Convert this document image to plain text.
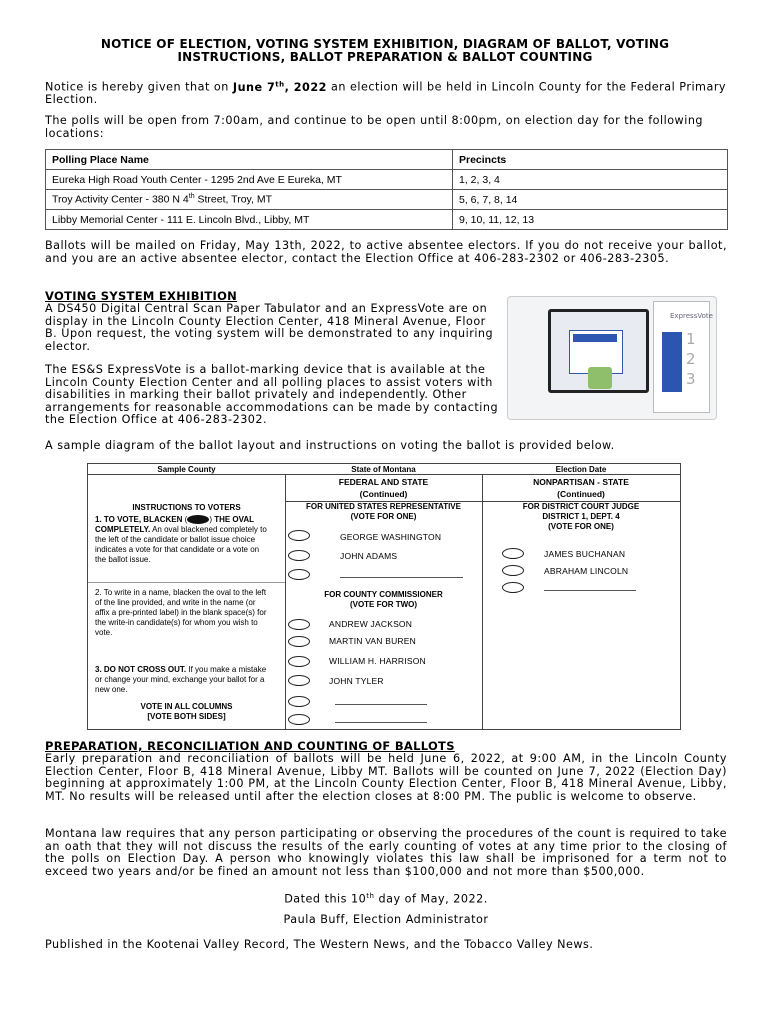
NOTICE OF ELECTION, VOTING SYSTEM EXHIBITION, DIAGRAM OF BALLOT, VOTING
INSTRUCTIONS, BALLOT PREPARATION & BALLOT COUNTING
Notice is hereby given that on June 7th, 2022 an election will be held in Lincoln County for the Federal Primary Election.
The polls will be open from 7:00am, and continue to be open until 8:00pm, on election day for the following locations:
Polling Place Name	Precincts
Eureka High Road Youth Center - 1295 2nd Ave E Eureka, MT	1, 2, 3, 4
Troy Activity Center - 380 N 4th Street, Troy, MT	5, 6, 7, 8, 14
Libby Memorial Center - 111 E. Lincoln Blvd., Libby, MT	9, 10, 11, 12, 13
Ballots will be mailed on Friday, May 13th, 2022, to active absentee electors. If you do not receive your ballot, and you are an active absentee elector, contact the Election Office at 406-283-2302 or 406-283-2305.
VOTING SYSTEM EXHIBITION
A DS450 Digital Central Scan Paper Tabulator and an ExpressVote are on display in the Lincoln County Election Center, 418 Mineral Avenue, Floor B. Upon request, the voting system will be demonstrated to any inquiring elector.
The ES&S ExpressVote is a ballot-marking device that is available at the Lincoln County Election Center and all polling places to assist voters with disabilities in marking their ballot privately and independently. Other arrangements for reasonable accommodations can be made by contacting the Election Office at 406-283-2302.
ExpressVote
1
2
3
A sample diagram of the ballot layout and instructions on voting the ballot is provided below.
Sample County	State of Montana	Election Date
FEDERAL AND STATE
(Continued)
NONPARTISAN - STATE
(Continued)
INSTRUCTIONS TO VOTERS
1. TO VOTE, BLACKEN (	) THE OVAL COMPLETELY. An oval blackened completely to the left of the candidate or ballot issue choice indicates a vote for that candidate or a vote on the ballot issue.
2. To write in a name, blacken the oval to the left of the line provided, and write in the name (or affix a pre-printed label) in the blank space(s) for the write-in candidate(s) for whom you wish to vote.
3. DO NOT CROSS OUT. If you make a mistake or change your mind, exchange your ballot for a new one.
VOTE IN ALL COLUMNS
[VOTE BOTH SIDES]
FOR UNITED STATES REPRESENTATIVE
(VOTE FOR ONE)
GEORGE WASHINGTON
JOHN ADAMS
FOR COUNTY COMMISSIONER
(VOTE FOR TWO)
ANDREW JACKSON
MARTIN VAN BUREN
WILLIAM H. HARRISON
JOHN TYLER
FOR DISTRICT COURT JUDGE
DISTRICT 1, DEPT. 4
(VOTE FOR ONE)
JAMES BUCHANAN
ABRAHAM LINCOLN
PREPARATION, RECONCILIATION AND COUNTING OF BALLOTS
Early preparation and reconciliation of ballots will be held June 6, 2022, at 9:00 AM, in the Lincoln County Election Center, Floor B, 418 Mineral Avenue, Libby MT. Ballots will be counted on June 7, 2022 (Election Day) beginning at approximately 1:00 PM, at the Lincoln County Election Center, Floor B, 418 Mineral Avenue, Libby, MT. No results will be released until after the election closes at 8:00 PM. The public is welcome to observe.
Montana law requires that any person participating or observing the procedures of the count is required to take an oath that they will not discuss the results of the early counting of votes at any time prior to the closing of the polls on Election Day. A person who knowingly violates this law shall be imprisoned for a term not to exceed two years and/or be fined an amount not less than $100,000 and not more than $500,000.
Dated this 10th day of May, 2022.
Paula Buff, Election Administrator
Published in the Kootenai Valley Record, The Western News, and the Tobacco Valley News.
